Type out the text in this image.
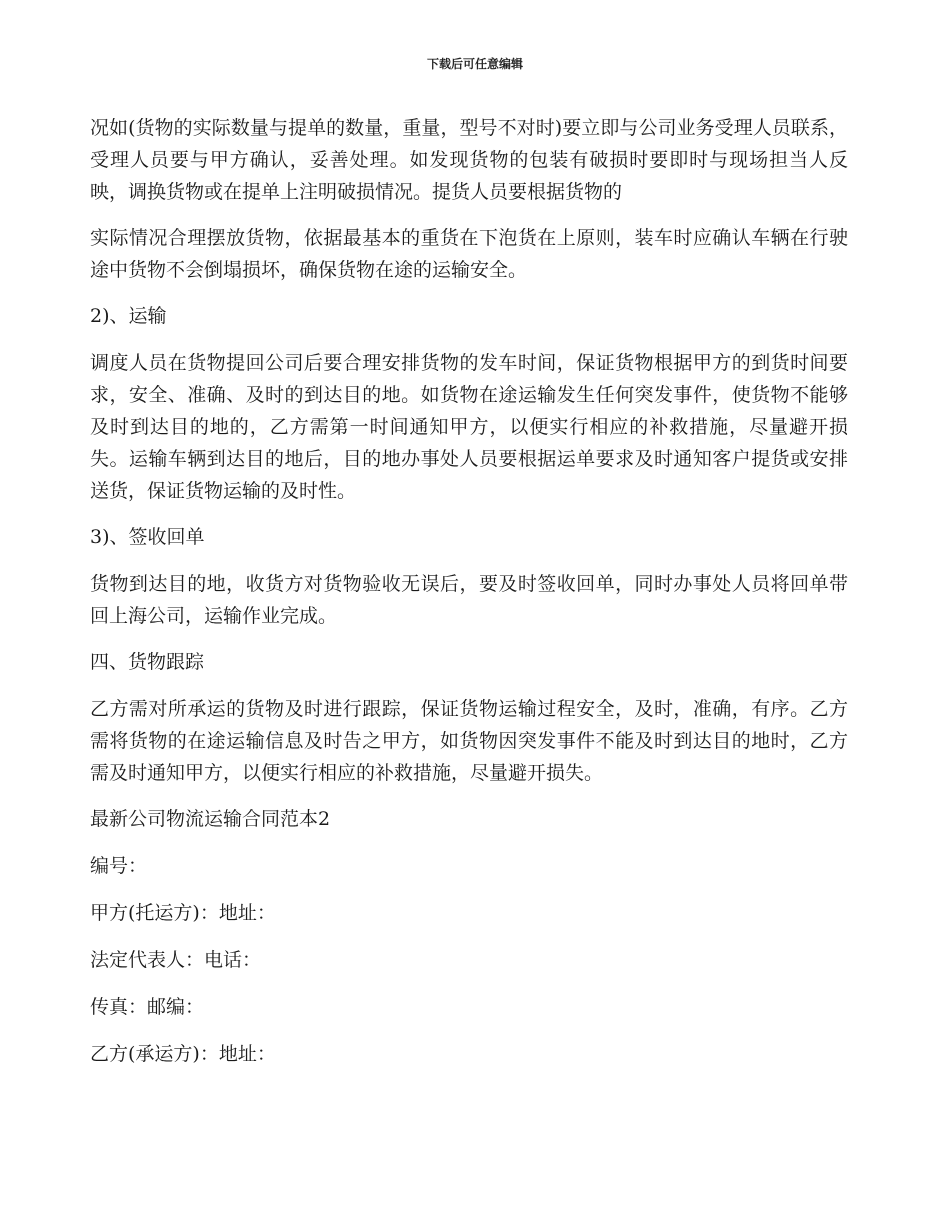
下载后可任意编辑

况如(货物的实际数量与提单的数量，重量，型号不对时)要立即与公司业务受理人员联系，受理人员要与甲方确认，妥善处理。如发现货物的包装有破损时要即时与现场担当人反映，调换货物或在提单上注明破损情况。提货人员要根据货物的

实际情况合理摆放货物，依据最基本的重货在下泡货在上原则，装车时应确认车辆在行驶途中货物不会倒塌损坏，确保货物在途的运输安全。

2)、运输

调度人员在货物提回公司后要合理安排货物的发车时间，保证货物根据甲方的到货时间要求，安全、准确、及时的到达目的地。如货物在途运输发生任何突发事件，使货物不能够及时到达目的地的，乙方需第一时间通知甲方，以便实行相应的补救措施，尽量避开损失。运输车辆到达目的地后，目的地办事处人员要根据运单要求及时通知客户提货或安排送货，保证货物运输的及时性。

3)、签收回单

货物到达目的地，收货方对货物验收无误后，要及时签收回单，同时办事处人员将回单带回上海公司，运输作业完成。

四、货物跟踪

乙方需对所承运的货物及时进行跟踪，保证货物运输过程安全，及时，准确，有序。乙方需将货物的在途运输信息及时告之甲方，如货物因突发事件不能及时到达目的地时，乙方需及时通知甲方，以便实行相应的补救措施，尽量避开损失。

最新公司物流运输合同范本2

编号：

甲方(托运方)：地址：

法定代表人：电话：

传真：邮编：

乙方(承运方)：地址：
